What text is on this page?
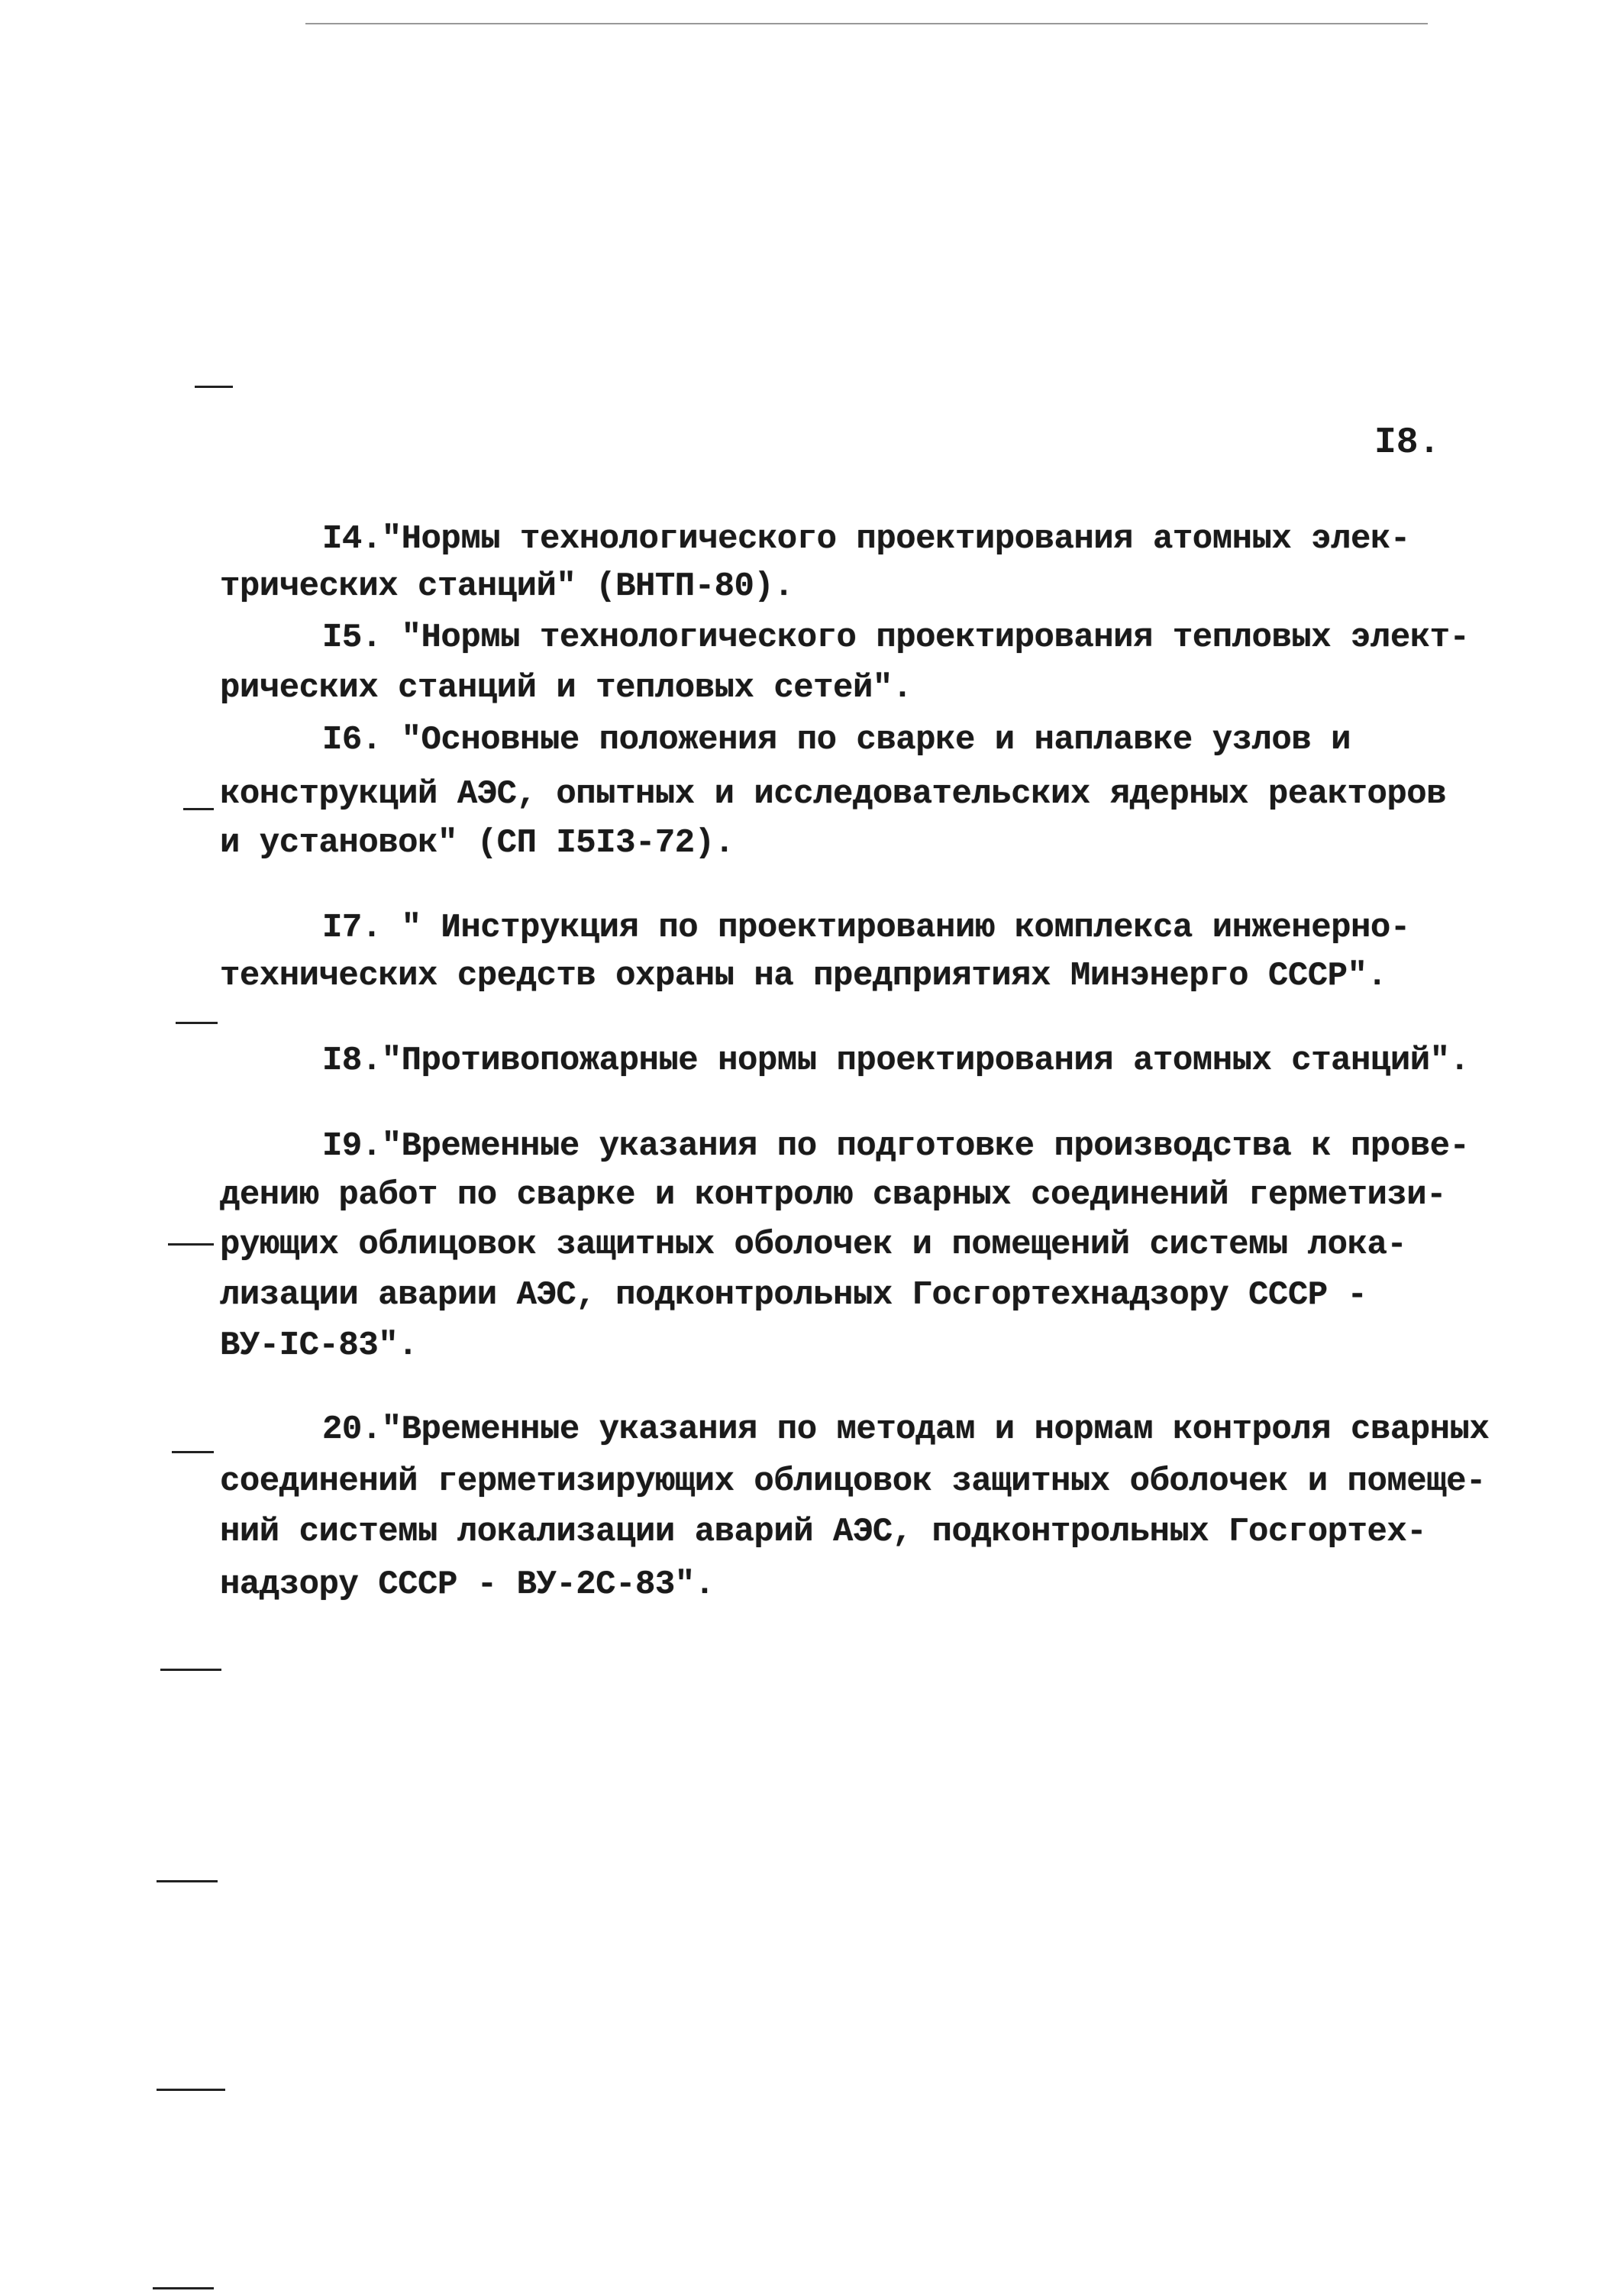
I8.
I4."Нормы технологического проектирования атомных элек-
трических станций" (ВНТП-80).
I5. "Нормы технологического проектирования тепловых элект-
рических станций и тепловых сетей".
I6. "Основные положения по сварке и наплавке узлов и
конструкций АЭС, опытных и исследовательских ядерных реакторов
и установок" (СП I5I3-72).
I7. " Инструкция по проектированию комплекса инженерно-
технических средств охраны на предприятиях Минэнерго СССР".
I8."Противопожарные нормы проектирования атомных станций".
I9."Временные указания по подготовке производства к прове-
дению работ по сварке и контролю сварных соединений герметизи-
рующих облицовок защитных оболочек и помещений системы лока-
лизации аварии АЭС, подконтрольных Госгортехнадзору СССР -
ВУ-IС-83".
20."Временные указания по методам и нормам контроля сварных
соединений герметизирующих облицовок защитных оболочек и помеще-
ний системы локализации аварий АЭС, подконтрольных Госгортех-
надзору СССР - ВУ-2С-83".
